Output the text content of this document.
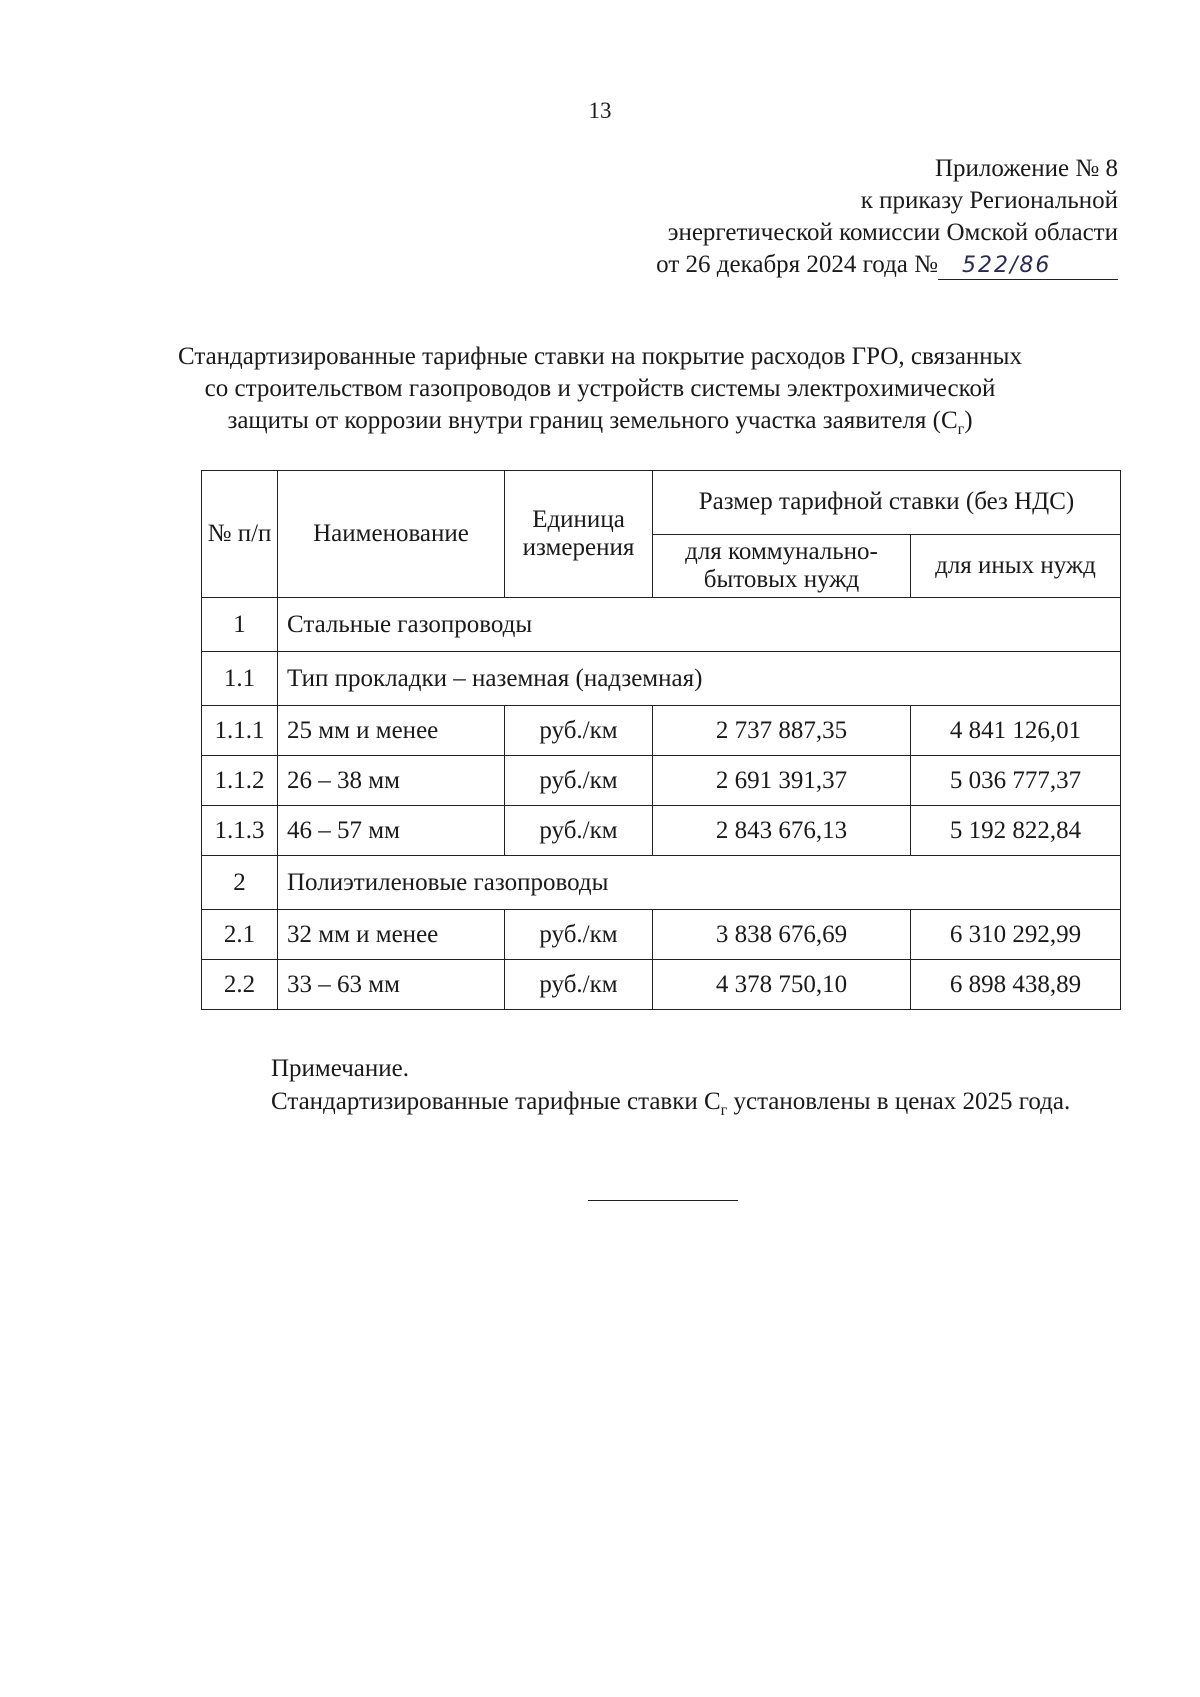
13
Приложение № 8
к приказу Региональной
энергетической комиссии Омской области
от 26 декабря 2024 года № 522/86
Стандартизированные тарифные ставки на покрытие расходов ГРО, связанных
со строительством газопроводов и устройств системы электрохимической
защиты от коррозии внутри границ земельного участка заявителя $(С_г)$
№ п/п	Наименование	Единица измерения	Размер тарифной ставки (без НДС)	
			для коммунально-бытовых нужд	для иных нужд
1	Стальные газопроводы			
1.1	Тип прокладки – наземная (надземная)			
1.1.1	25 мм и менее	руб./км	2 737 887,35	4 841 126,01
1.1.2	26 – 38 мм	руб./км	2 691 391,37	5 036 777,37
1.1.3	46 – 57 мм	руб./км	2 843 676,13	5 192 822,84
2	Полиэтиленовые газопроводы			
2.1	32 мм и менее	руб./км	3 838 676,69	6 310 292,99
2.2	33 – 63 мм	руб./км	4 378 750,10	6 898 438,89
Примечание.
Стандартизированные тарифные ставки $С_г$ установлены в ценах 2025 года.
